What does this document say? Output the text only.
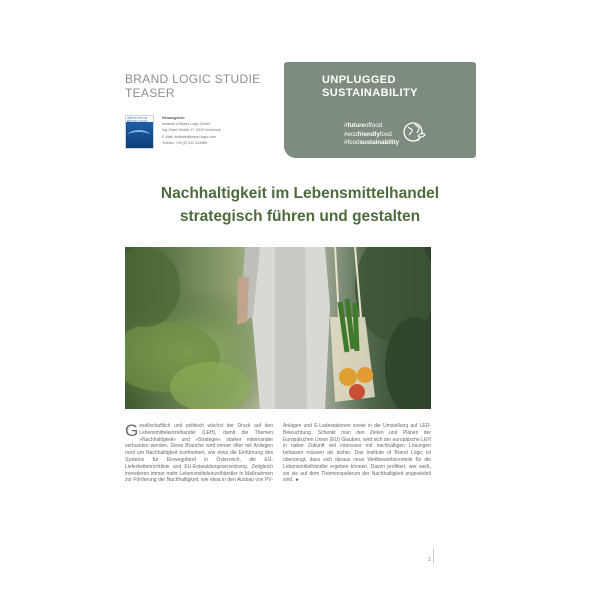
BRAND LOGIC STUDIE
TEASER
INSTITUTE OF BRAND LOGIC
Herausgeber:
Institute of Brand Logic GmbH
Ing.-Etzel-Straße 17, 6020 Innsbruck
E-Mail: institute@brand-logic.com
Telefon: +43 (0) 512 344966
UNPLUGGED
SUSTAINABILITY
#futureoffood
#ecofriendlyfood
#foodsustainability
Nachhaltigkeit im Lebensmittelhandel
strategisch führen und gestalten
Gesellschaftlich und politisch wächst der Druck auf den Lebensmitteleinzelhandel (LEH), damit die Themen »Nachhaltigkeit« und »Strategie« stärker miteinander verbunden werden. Diese Branche wird immer öfter mit Anliegen rund um Nachhaltigkeit konfrontiert, wie etwa die Einführung des Systems für Einwegpfand in Österreich, die EU-Lieferkettenrichtlinie und EU-Entwaldungsverordnung. Zeitgleich investieren immer mehr Lebensmitteleinzelhändler in Maßnahmen zur Förderung der Nachhaltigkeit, wie etwa in den Ausbau von PV-Anlagen und E-Ladestationen sowie in die Umstellung auf LED-Beleuchtung. Schenkt man den Zielen und Plänen der Europäischen Union (EU) Glauben, wird sich der europäische LEH in naher Zukunft viel intensiver mit nachhaltigen Lösungen befassen müssen als bisher. Das Institute of Brand Logic ist überzeugt, dass sich daraus neue Wettbewerbsvorteile für die Lebensmittelhändler ergeben können. Davon profitiert, wer weiß, wo sie auf dem Themenspektrum der Nachhaltigkeit angesiedelt sind. ►
1
